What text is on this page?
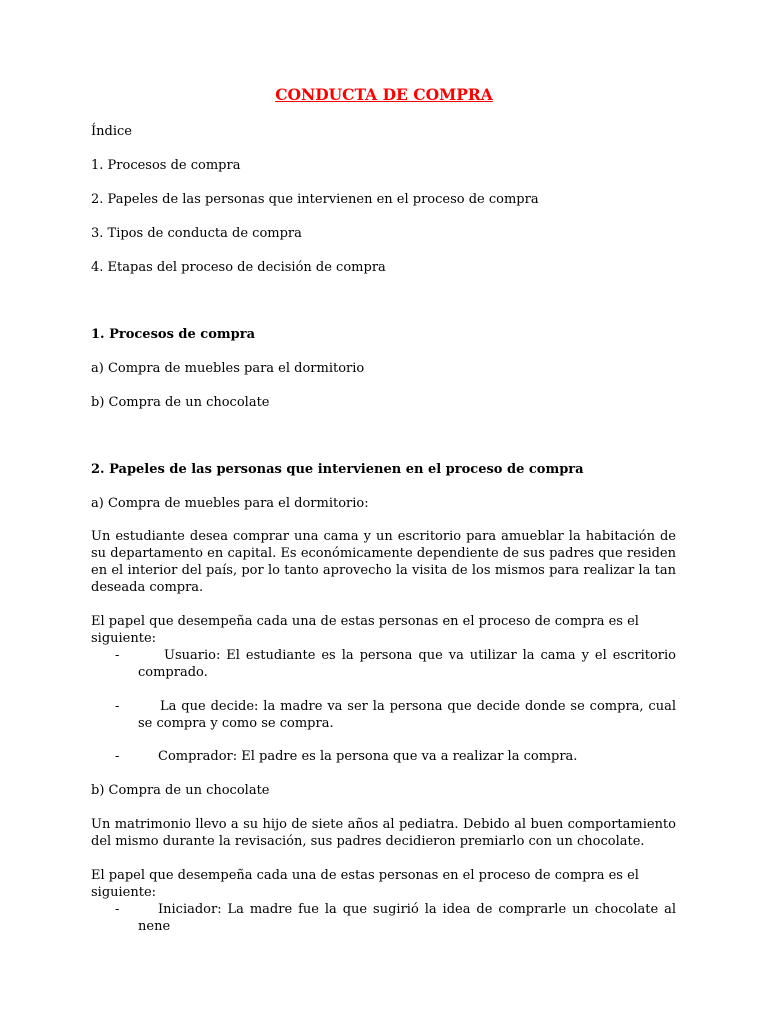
CONDUCTA DE COMPRA

Índice

1. Procesos de compra

2. Papeles de las personas que intervienen en el proceso de compra

3. Tipos de conducta de compra

4. Etapas del proceso de decisión de compra

1. Procesos de compra

a) Compra de muebles para el dormitorio

b) Compra de un chocolate

2. Papeles de las personas que intervienen en el proceso de compra

a) Compra de muebles para el dormitorio:

Un estudiante desea comprar una cama y un escritorio para amueblar la habitación de su departamento en capital. Es económicamente dependiente de sus padres que residen en el interior del país, por lo tanto aprovecho la visita de los mismos para realizar la tan deseada compra.

El papel que desempeña cada una de estas personas en el proceso de compra es el siguiente:

-	Usuario: El estudiante es la persona que va utilizar la cama y el escritorio comprado.

-	La que decide: la madre va ser la persona que decide donde se compra, cual se compra y como se compra.

-	Comprador: El padre es la persona que va a realizar la compra.

b) Compra de un chocolate

Un matrimonio llevo a su hijo de siete años al pediatra. Debido al buen comportamiento del mismo durante la revisación, sus padres decidieron premiarlo con un chocolate.

El papel que desempeña cada una de estas personas en el proceso de compra es el siguiente:

-	Iniciador: La madre fue la que sugirió la idea de comprarle un chocolate al nene
